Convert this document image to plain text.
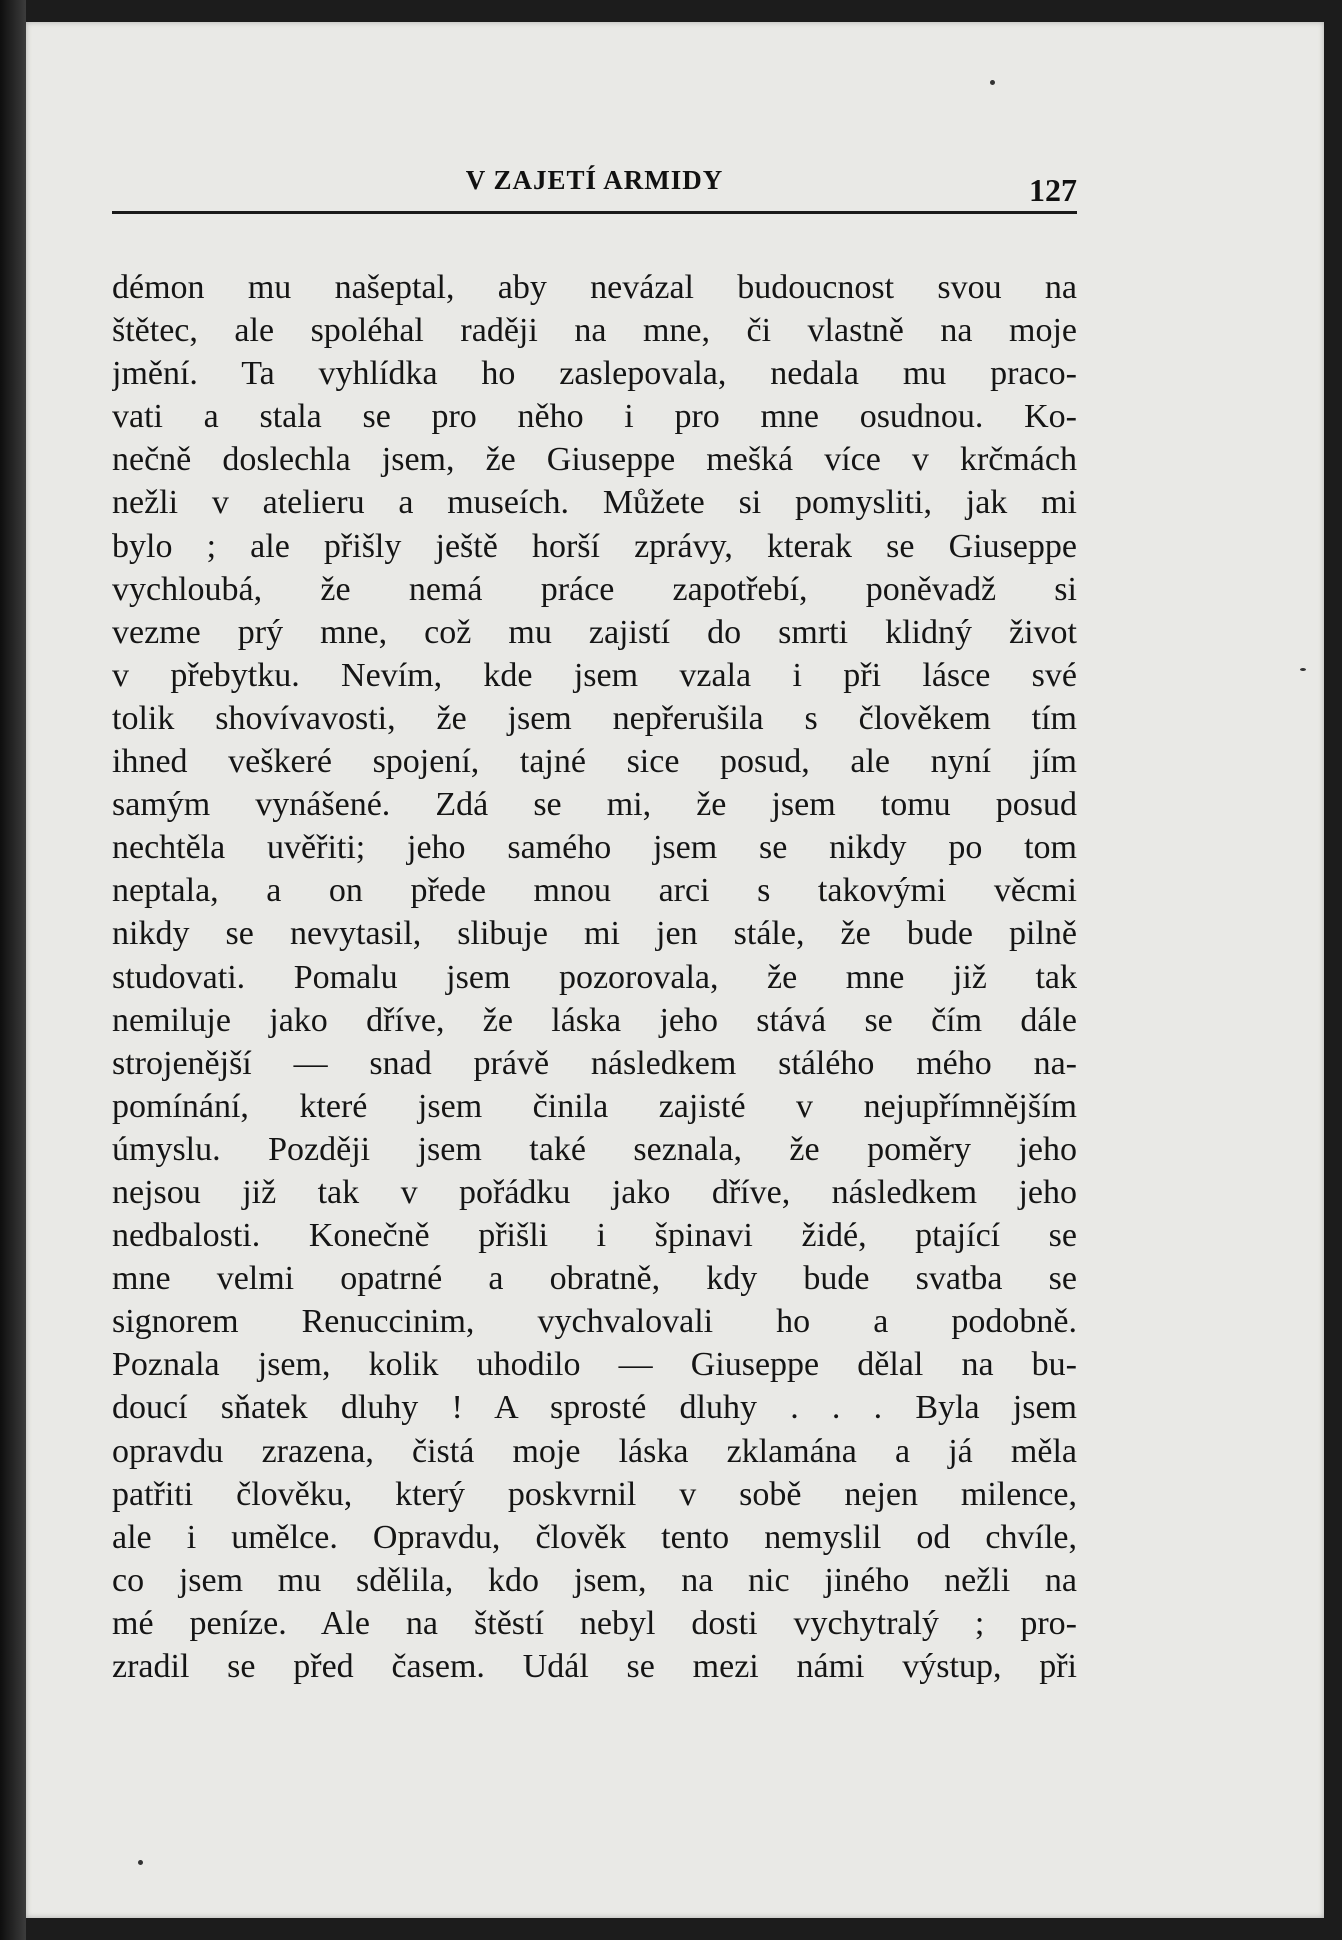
V ZAJETÍ ARMIDY	127
démon mu našeptal, aby nevázal budoucnost svou na
štětec, ale spoléhal raději na mne, či vlastně na moje
jmění. Ta vyhlídka ho zaslepovala, nedala mu praco-
vati a stala se pro něho i pro mne osudnou. Ko-
nečně doslechla jsem, že Giuseppe mešká více v krčmách
nežli v atelieru a museích. Můžete si pomysliti, jak mi
bylo ; ale přišly ještě horší zprávy, kterak se Giuseppe
vychloubá, že nemá práce zapotřebí, poněvadž si
vezme prý mne, což mu zajistí do smrti klidný život
v přebytku. Nevím, kde jsem vzala i při lásce své
tolik shovívavosti, že jsem nepřerušila s člověkem tím
ihned veškeré spojení, tajné sice posud, ale nyní jím
samým vynášené. Zdá se mi, že jsem tomu posud
nechtěla uvěřiti; jeho samého jsem se nikdy po tom
neptala, a on přede mnou arci s takovými věcmi
nikdy se nevytasil, slibuje mi jen stále, že bude pilně
studovati. Pomalu jsem pozorovala, že mne již tak
nemiluje jako dříve, že láska jeho stává se čím dále
strojenější — snad právě následkem stálého mého na-
pomínání, které jsem činila zajisté v nejupřímnějším
úmyslu. Později jsem také seznala, že poměry jeho
nejsou již tak v pořádku jako dříve, následkem jeho
nedbalosti. Konečně přišli i špinavi židé, ptající se
mne velmi opatrné a obratně, kdy bude svatba se
signorem Renuccinim, vychvalovali ho a podobně.
Poznala jsem, kolik uhodilo — Giuseppe dělal na bu-
doucí sňatek dluhy ! A sprosté dluhy . . . Byla jsem
opravdu zrazena, čistá moje láska zklamána a já měla
patřiti člověku, který poskvrnil v sobě nejen milence,
ale i umělce. Opravdu, člověk tento nemyslil od chvíle,
co jsem mu sdělila, kdo jsem, na nic jiného nežli na
mé peníze. Ale na štěstí nebyl dosti vychytralý ; pro-
zradil se před časem. Udál se mezi námi výstup, při
